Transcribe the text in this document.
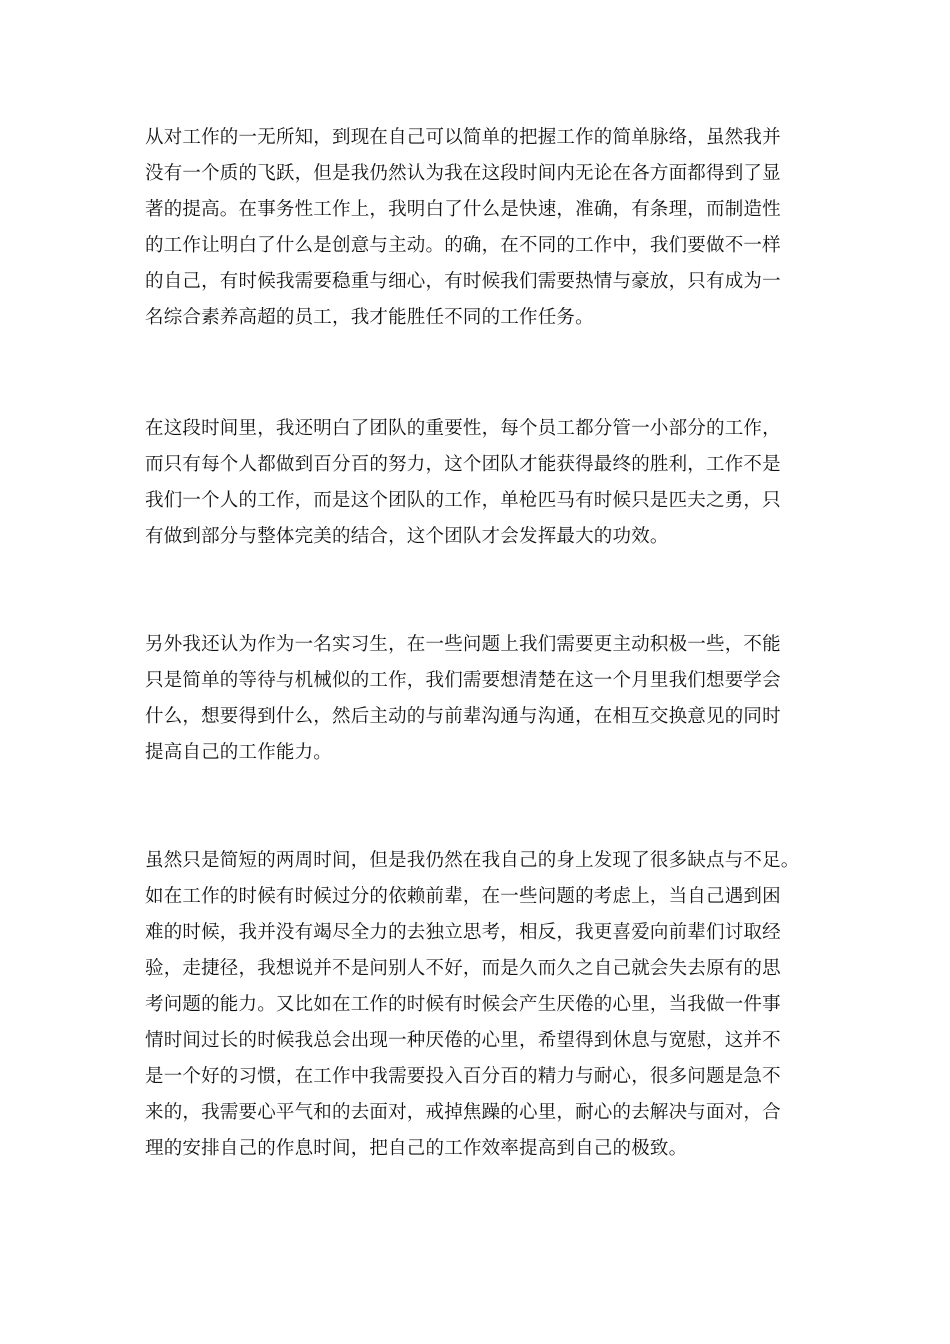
从对工作的一无所知，到现在自己可以简单的把握工作的简单脉络，虽然我并
没有一个质的飞跃，但是我仍然认为我在这段时间内无论在各方面都得到了显
著的提高。在事务性工作上，我明白了什么是快速，准确，有条理，而制造性
的工作让明白了什么是创意与主动。的确，在不同的工作中，我们要做不一样
的自己，有时候我需要稳重与细心，有时候我们需要热情与豪放，只有成为一
名综合素养高超的员工，我才能胜任不同的工作任务。
在这段时间里，我还明白了团队的重要性，每个员工都分管一小部分的工作，
而只有每个人都做到百分百的努力，这个团队才能获得最终的胜利，工作不是
我们一个人的工作，而是这个团队的工作，单枪匹马有时候只是匹夫之勇，只
有做到部分与整体完美的结合，这个团队才会发挥最大的功效。
另外我还认为作为一名实习生，在一些问题上我们需要更主动积极一些，不能
只是简单的等待与机械似的工作，我们需要想清楚在这一个月里我们想要学会
什么，想要得到什么，然后主动的与前辈沟通与沟通，在相互交换意见的同时
提高自己的工作能力。
虽然只是简短的两周时间，但是我仍然在我自己的身上发现了很多缺点与不足。
如在工作的时候有时候过分的依赖前辈，在一些问题的考虑上，当自己遇到困
难的时候，我并没有竭尽全力的去独立思考，相反，我更喜爱向前辈们讨取经
验，走捷径，我想说并不是问别人不好，而是久而久之自己就会失去原有的思
考问题的能力。又比如在工作的时候有时候会产生厌倦的心里，当我做一件事
情时间过长的时候我总会出现一种厌倦的心里，希望得到休息与宽慰，这并不
是一个好的习惯，在工作中我需要投入百分百的精力与耐心，很多问题是急不
来的，我需要心平气和的去面对，戒掉焦躁的心里，耐心的去解决与面对，合
理的安排自己的作息时间，把自己的工作效率提高到自己的极致。
